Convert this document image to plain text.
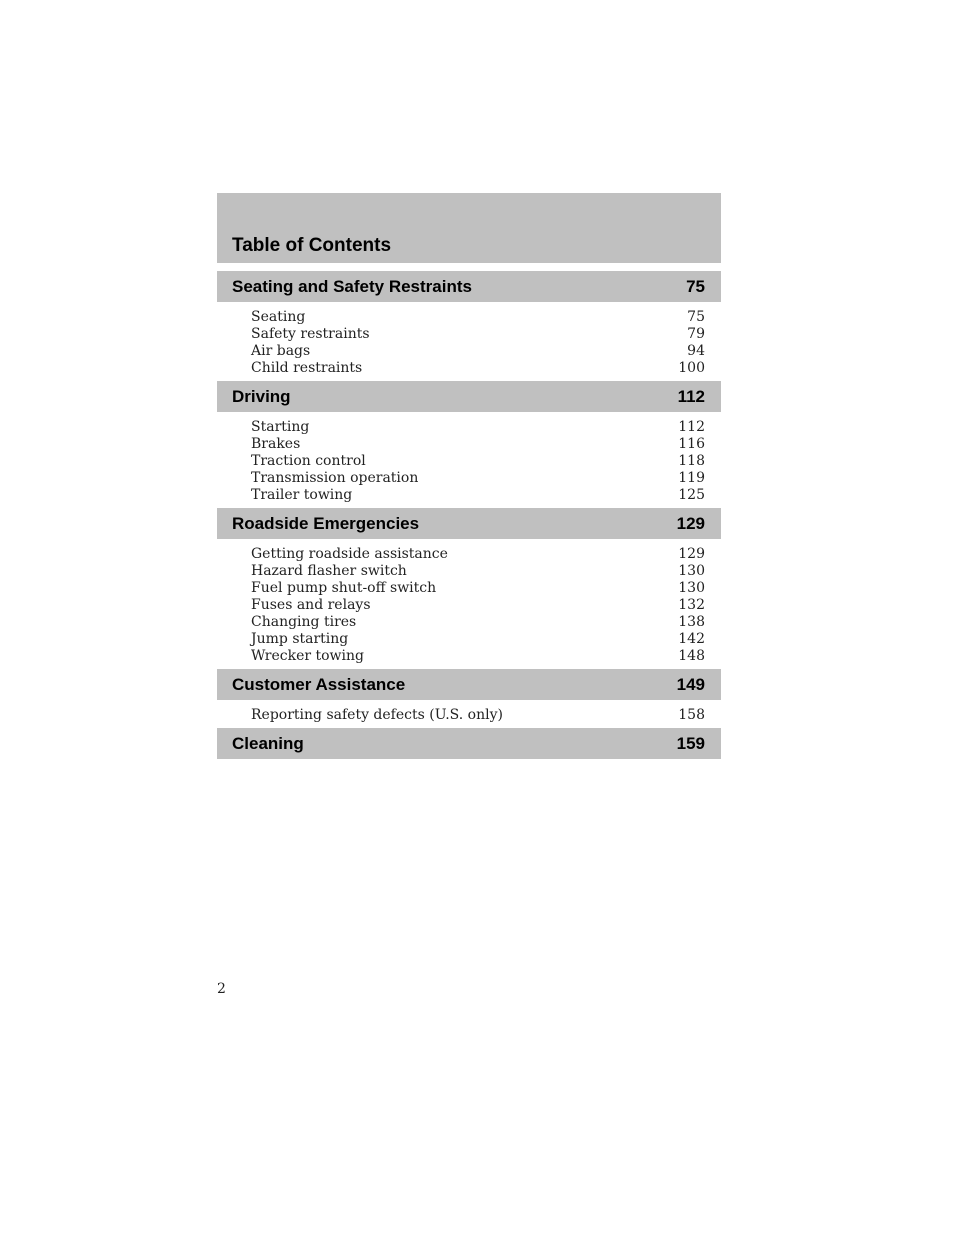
Table of Contents
Seating and Safety Restraints	75
Seating	75
Safety restraints	79
Air bags	94
Child restraints	100
Driving	112
Starting	112
Brakes	116
Traction control	118
Transmission operation	119
Trailer towing	125
Roadside Emergencies	129
Getting roadside assistance	129
Hazard flasher switch	130
Fuel pump shut-off switch	130
Fuses and relays	132
Changing tires	138
Jump starting	142
Wrecker towing	148
Customer Assistance	149
Reporting safety defects (U.S. only)	158
Cleaning	159
2
